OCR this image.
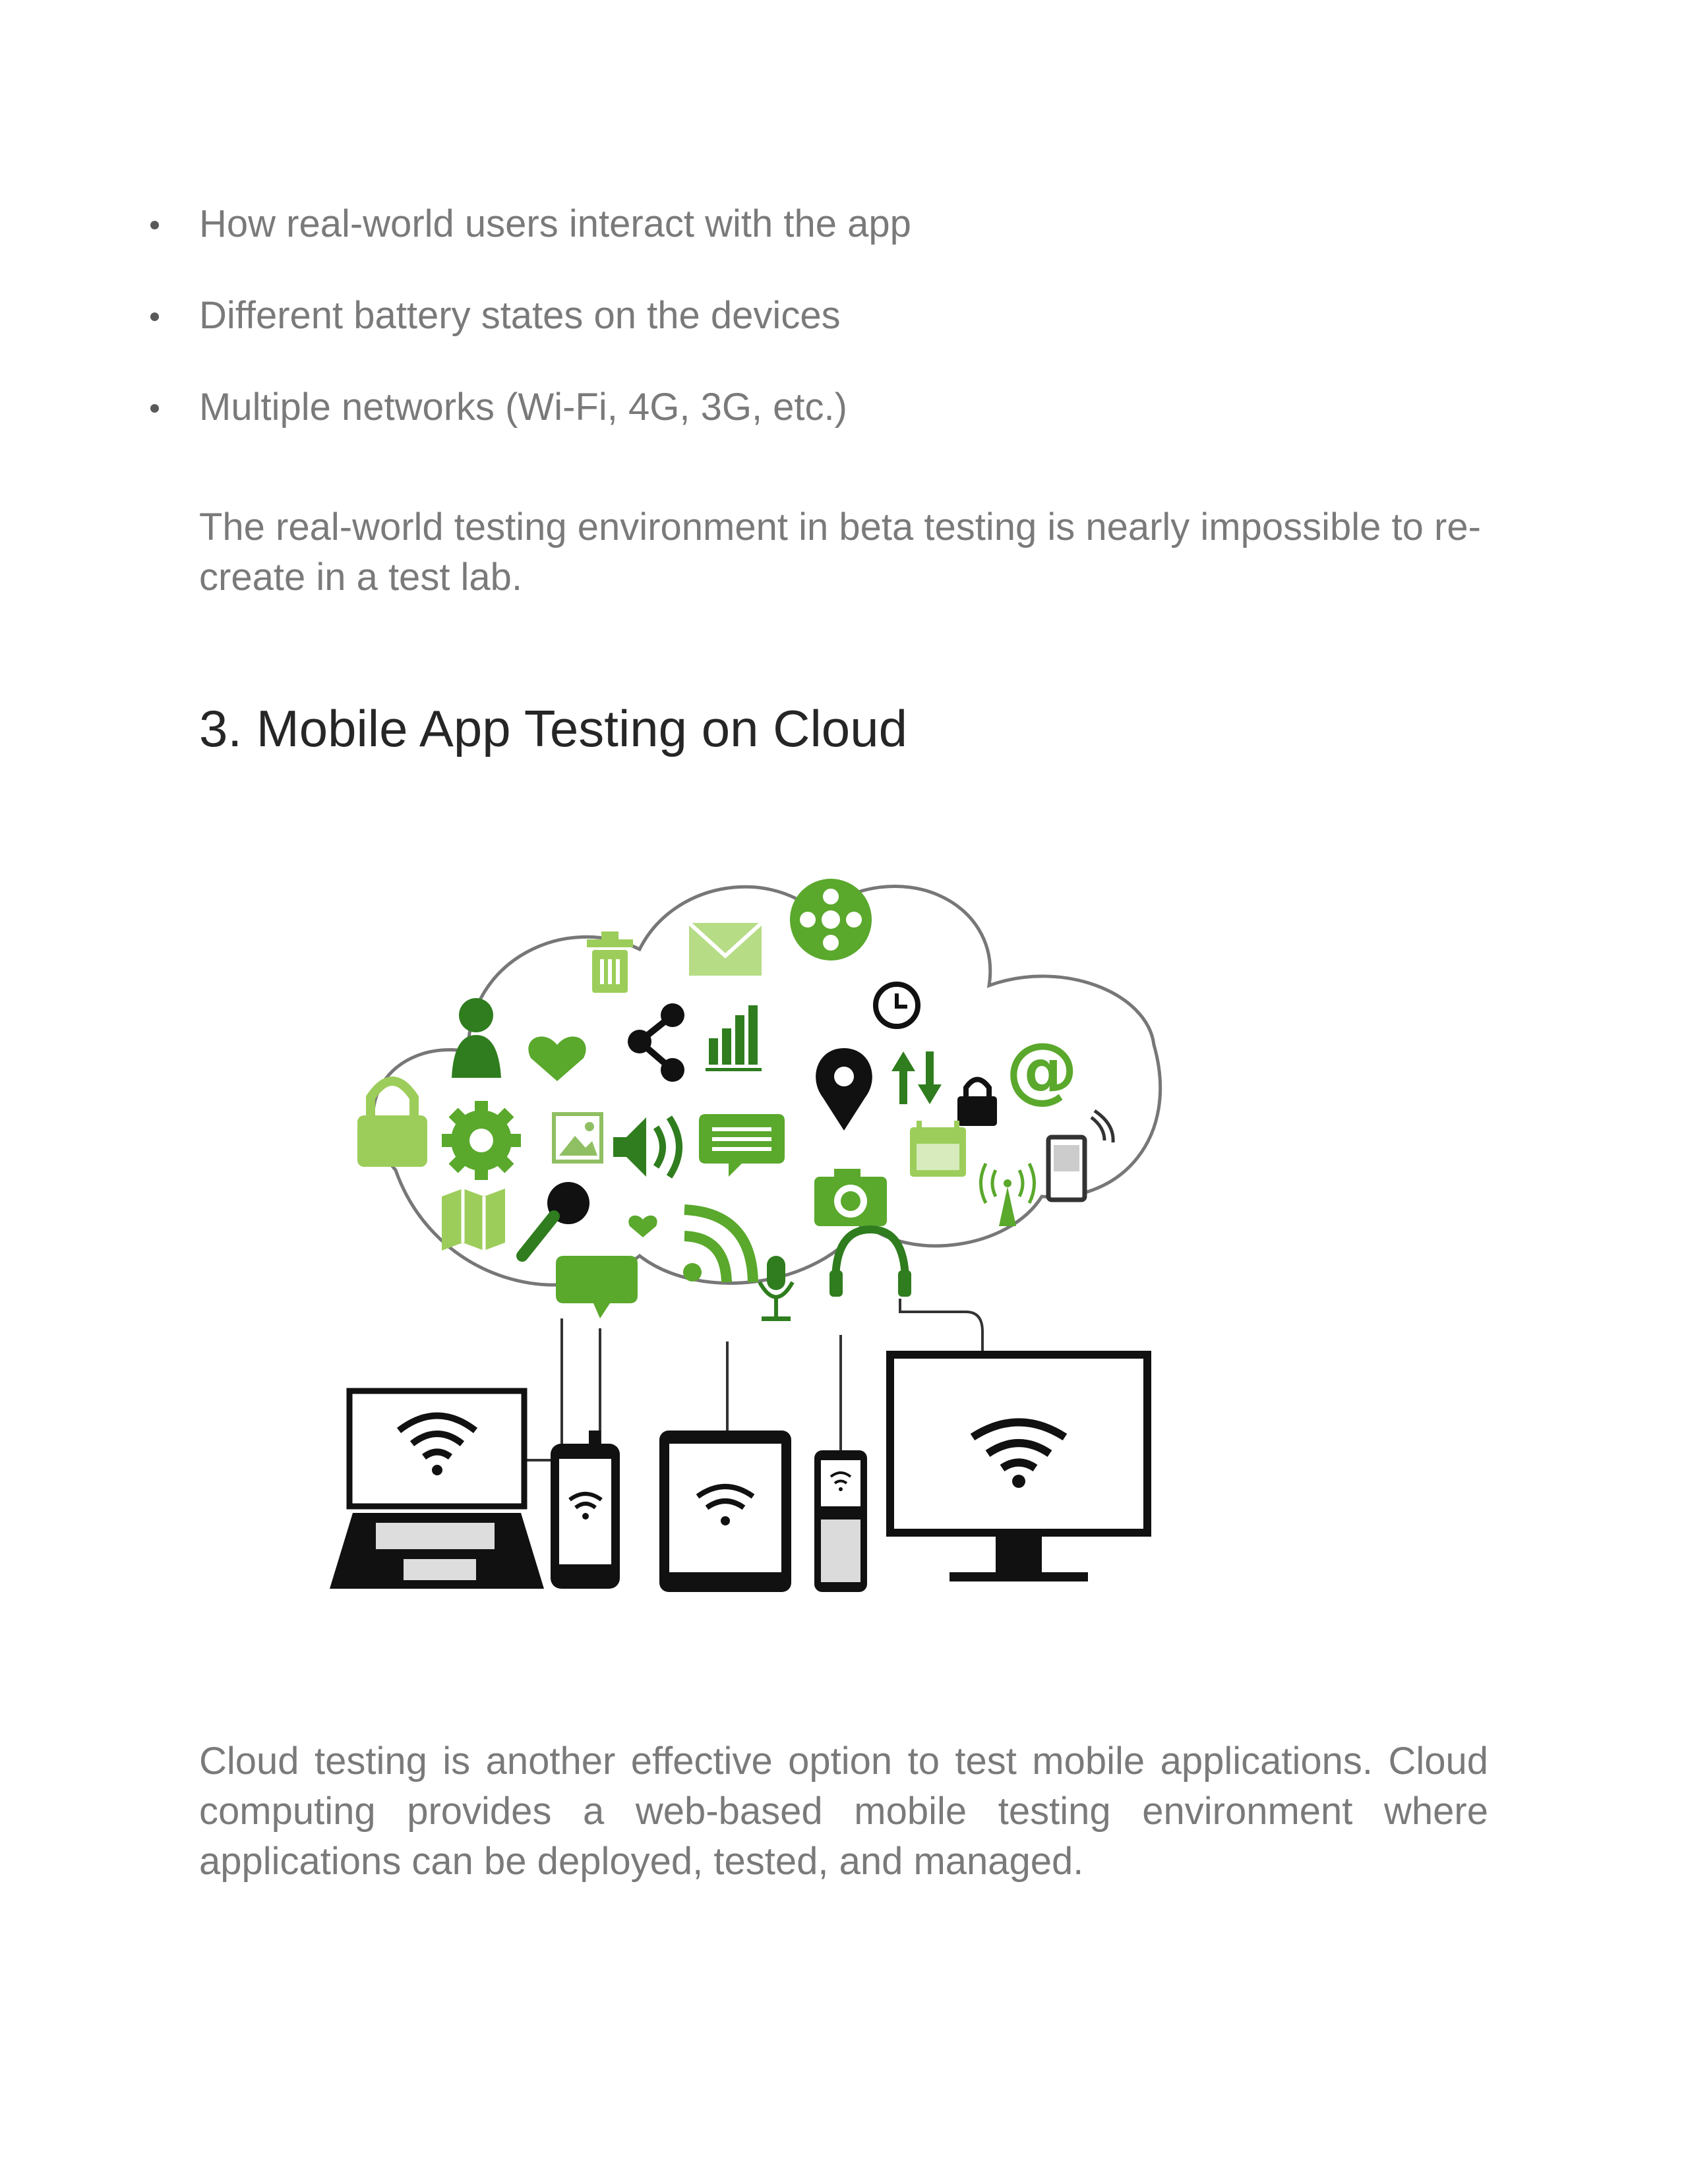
How real-world users interact with the app
Different battery states on the devices
Multiple networks (Wi-Fi, 4G, 3G, etc.)

The real-world testing environment in beta testing is nearly impossible to re-create in a test lab.

3. Mobile App Testing on Cloud
@

Cloud testing is another effective option to test mobile applications. Cloud computing provides a web-based mobile testing environment where applications can be deployed, tested, and managed.
